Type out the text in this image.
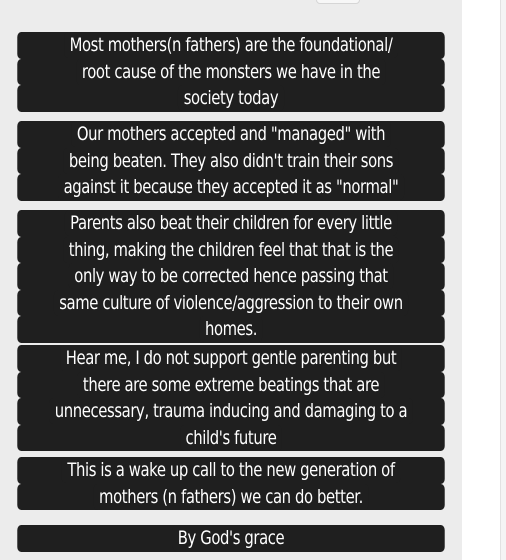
Most mothers(n fathers) are the foundational/
root cause of the monsters we have in the
society today
Our mothers accepted and "managed" with
being beaten. They also didn't train their sons
against it because they accepted it as "normal"
Parents also beat their children for every little
thing, making the children feel that that is the
only way to be corrected hence passing that
same culture of violence/aggression to their own
homes.
Hear me, I do not support gentle parenting but
there are some extreme beatings that are
unnecessary, trauma inducing and damaging to a
child's future
This is a wake up call to the new generation of
mothers (n fathers) we can do better.
By God's grace
